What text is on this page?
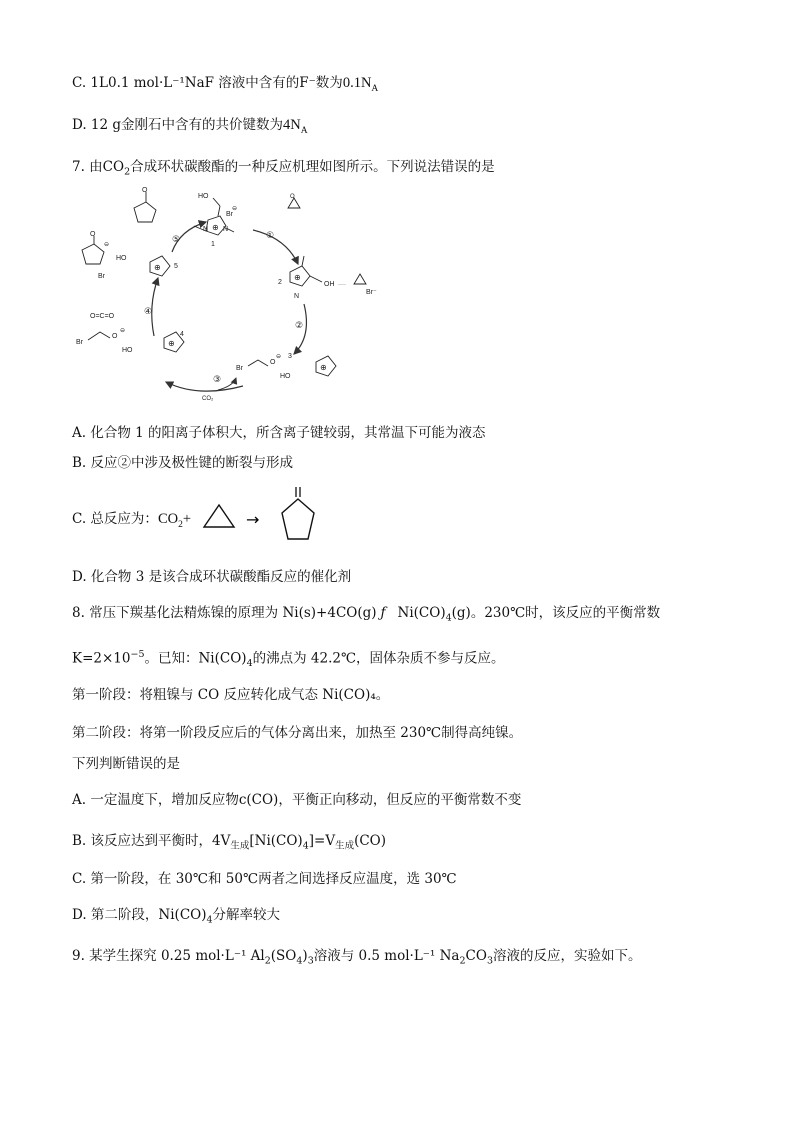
C. 1L0.1 mol·L⁻¹NaF 溶液中含有的F⁻数为$0.1N_A$
D. 12 g金刚石中含有的共价键数为$4N_A$
7. 由$CO_2$合成环状碳酸酯的一种反应机理如图所示。下列说法错误的是
①
②
③
④
⑤
⊕
N N
HO
Br
⊖
1
O
O
⊕
N
OH ····
Br⁻
2
Br
O
⊖ 3
HO
⊕
CO₂
O=C=O
Br
O
⊖
HO
⊕
4
O
⊖
Br
HO
⊕ 5
A. 化合物 1 的阳离子体积大，所含离子键较弱，其常温下可能为液态
B. 反应②中涉及极性键的断裂与形成
C. 总反应为：$CO_2+$	→
D. 化合物 3 是该合成环状碳酸酯反应的催化剂
8. 常压下羰基化法精炼镍的原理为 Ni(s)+4CO(g) ƒ $Ni(CO)_4(g)$。230℃时，该反应的平衡常数
$K=2\times 10^{-5}$。已知：$Ni(CO)_4$的沸点为 42.2℃，固体杂质不参与反应。
第一阶段：将粗镍与 CO 反应转化成气态 Ni(CO)₄。
第二阶段：将第一阶段反应后的气体分离出来，加热至 230℃制得高纯镍。
下列判断错误的是
A. 一定温度下，增加反应物c(CO)，平衡正向移动，但反应的平衡常数不变
B. 该反应达到平衡时，$4V_{生成}[Ni(CO)_4]=V_{生成}(CO)$
C. 第一阶段，在 30℃和 50℃两者之间选择反应温度，选 30℃
D. 第二阶段，$Ni(CO)_4$分解率较大
9. 某学生探究 0.25 mol·L⁻¹ $Al_2(SO_4)_3$溶液与 0.5 mol·L⁻¹ $Na_2CO_3$溶液的反应，实验如下。
